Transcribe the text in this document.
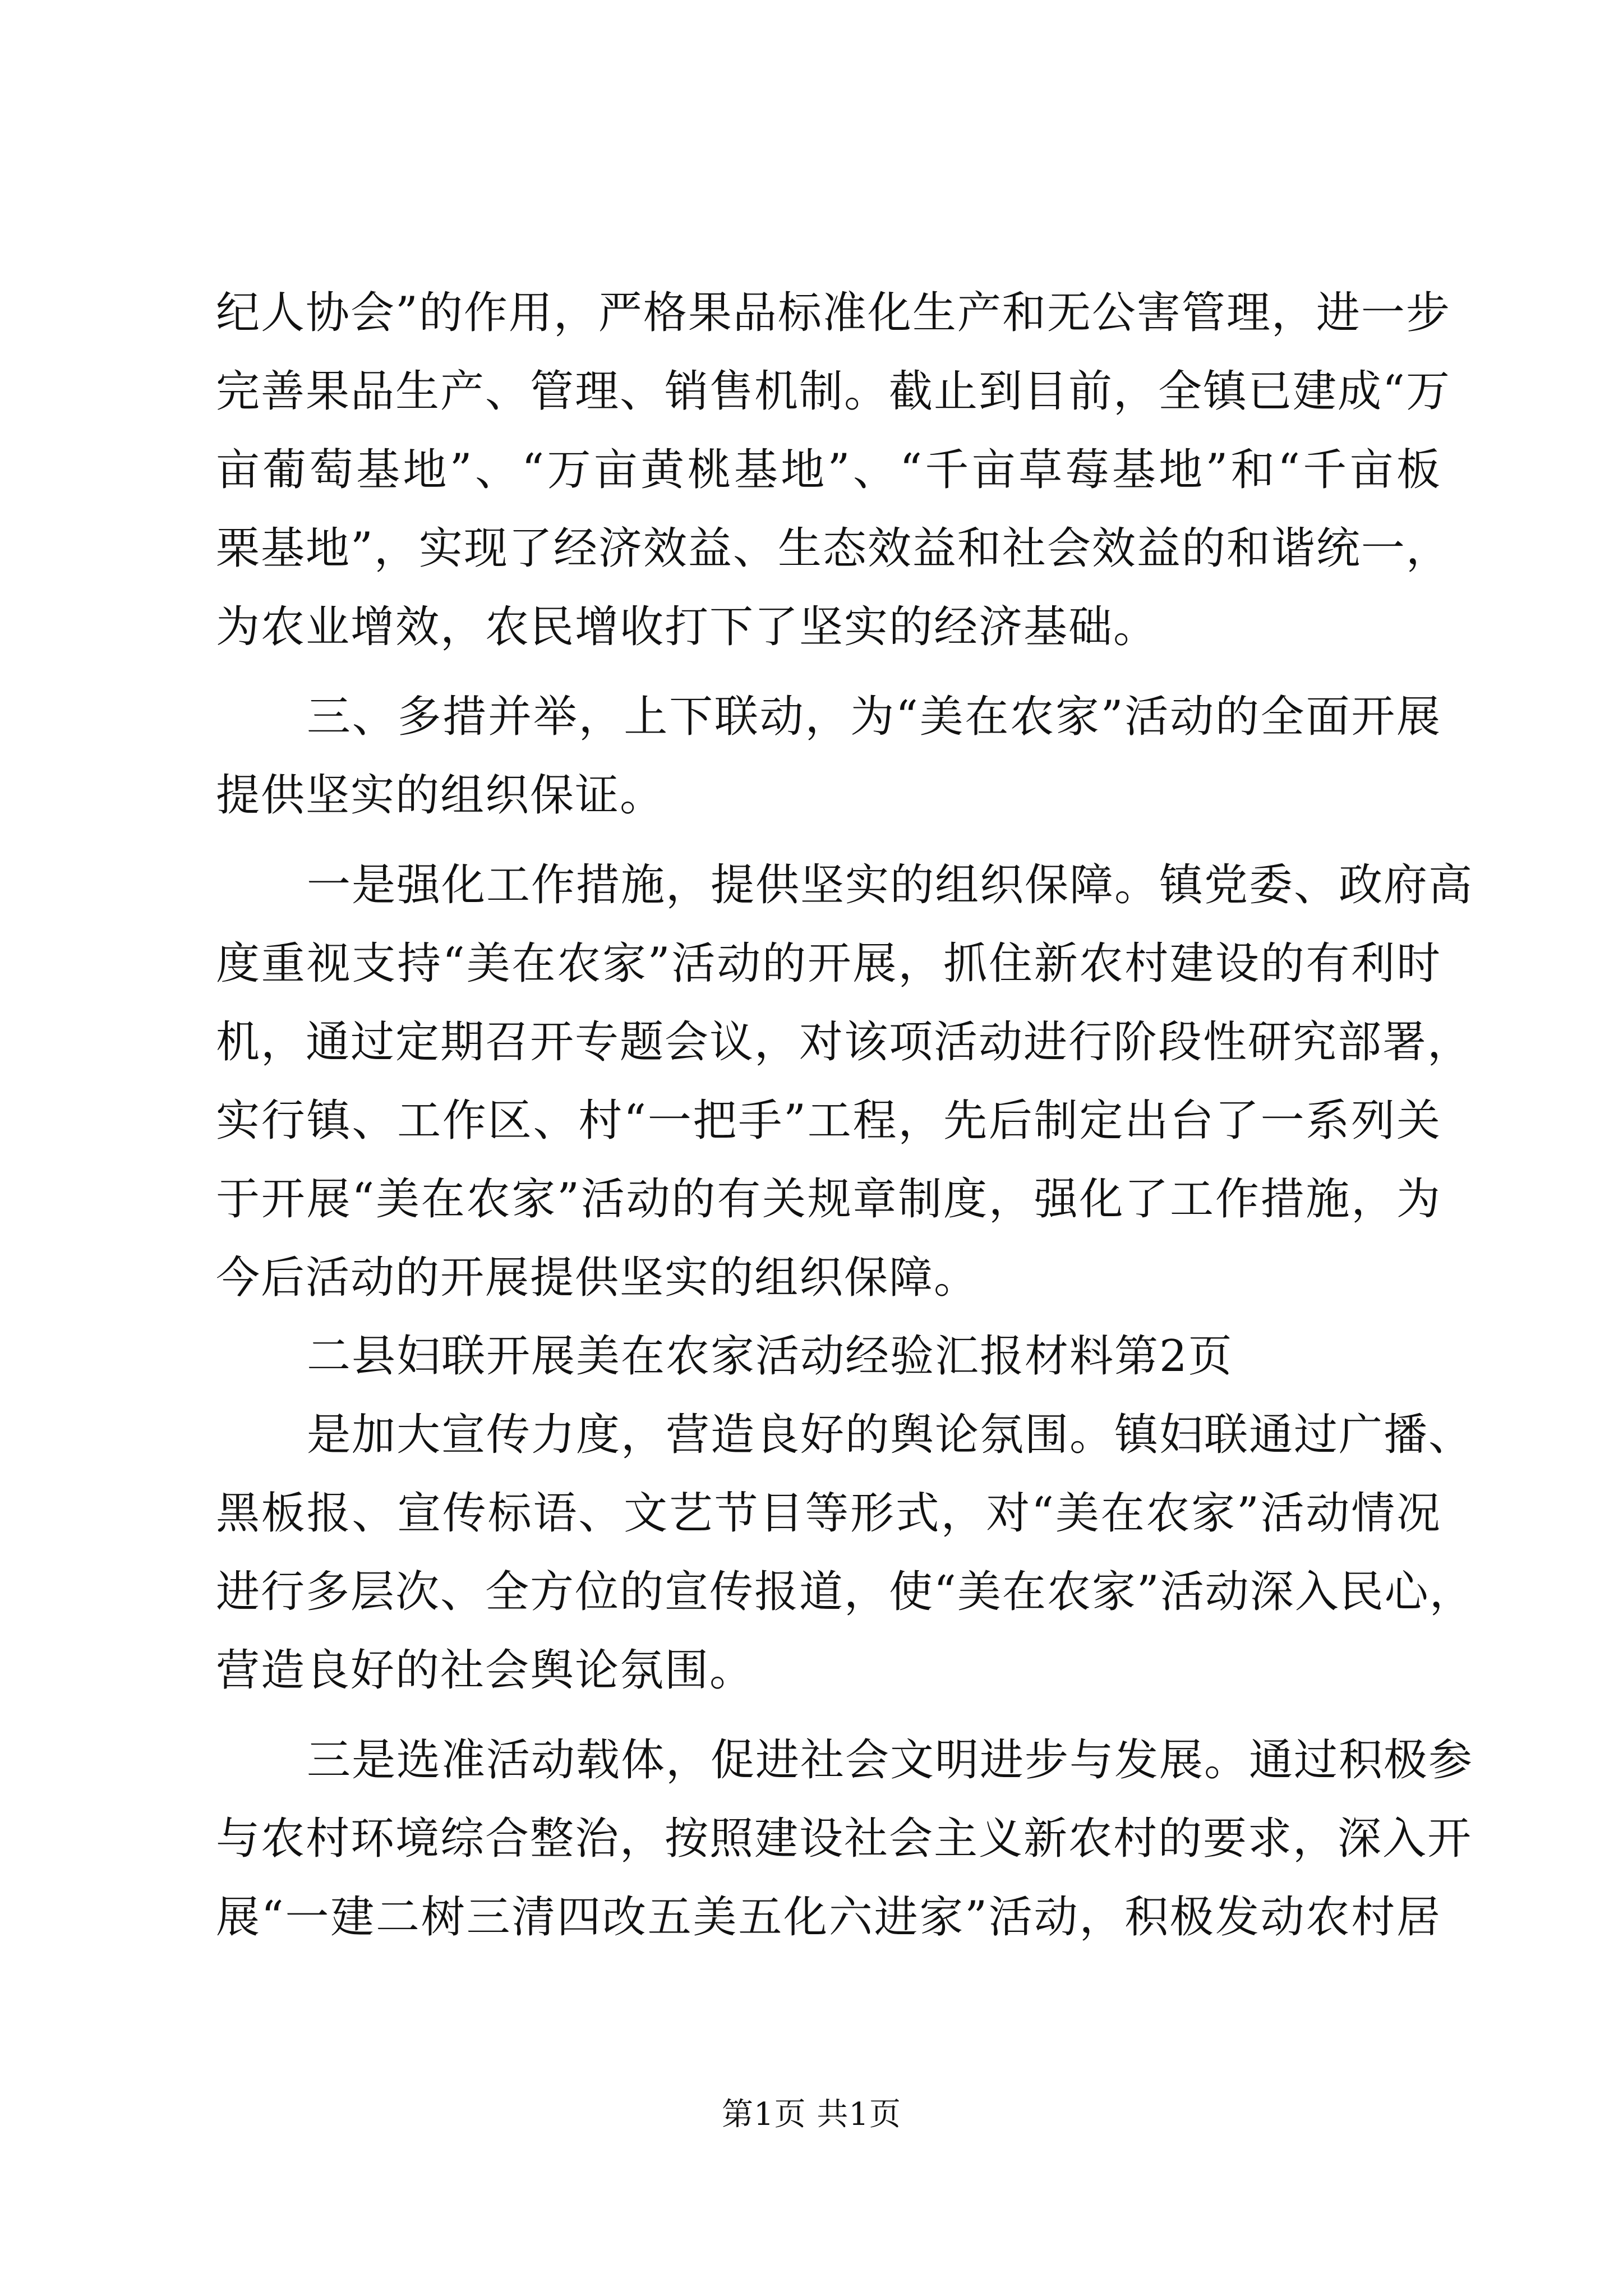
纪人协会”的作用，严格果品标准化生产和无公害管理，进一步
完善果品生产、管理、销售机制。截止到目前，全镇已建成“万
亩葡萄基地”、“万亩黄桃基地”、“千亩草莓基地”和“千亩板
栗基地”，实现了经济效益、生态效益和社会效益的和谐统一，
为农业增效，农民增收打下了坚实的经济基础。
三、多措并举，上下联动，为“美在农家”活动的全面开展
提供坚实的组织保证。
一是强化工作措施，提供坚实的组织保障。镇党委、政府高
度重视支持“美在农家”活动的开展，抓住新农村建设的有利时
机，通过定期召开专题会议，对该项活动进行阶段性研究部署，
实行镇、工作区、村“一把手”工程，先后制定出台了一系列关
于开展“美在农家”活动的有关规章制度，强化了工作措施，为
今后活动的开展提供坚实的组织保障。
二县妇联开展美在农家活动经验汇报材料第2页
是加大宣传力度，营造良好的舆论氛围。镇妇联通过广播、
黑板报、宣传标语、文艺节目等形式，对“美在农家”活动情况
进行多层次、全方位的宣传报道，使“美在农家”活动深入民心，
营造良好的社会舆论氛围。
三是选准活动载体，促进社会文明进步与发展。通过积极参
与农村环境综合整治，按照建设社会主义新农村的要求，深入开
展“一建二树三清四改五美五化六进家”活动，积极发动农村居
第1页 共1页
